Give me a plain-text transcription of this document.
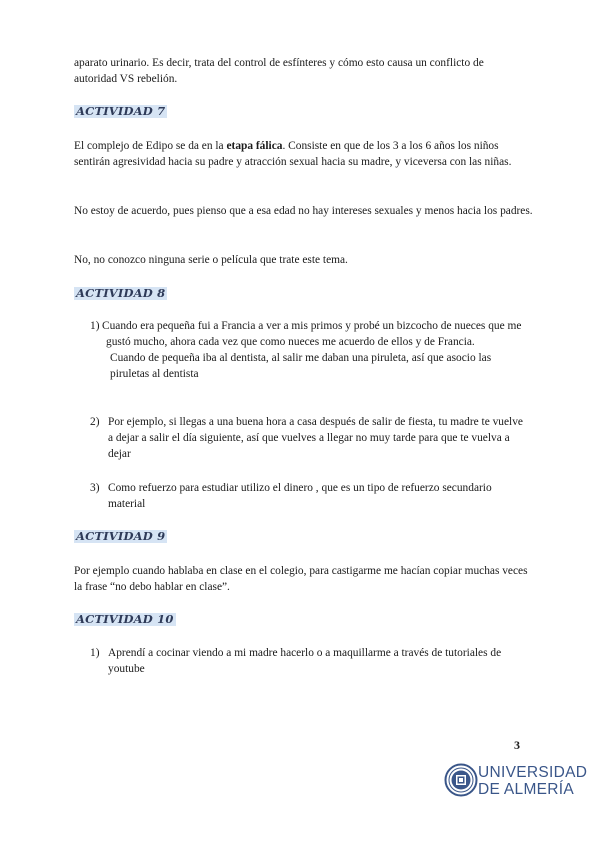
aparato urinario. Es decir, trata del control de esfínteres y cómo esto causa un conflicto de
autoridad VS rebelión.

ACTIVIDAD 7

El complejo de Edipo se da en la etapa fálica. Consiste en que de los 3 a los 6 años los niños sentirán agresividad hacia su padre y atracción sexual hacia su madre, y viceversa con las niñas.

No estoy de acuerdo, pues pienso que a esa edad no hay intereses sexuales y menos hacia los padres.

No, no conozco ninguna serie o película que trate este tema.

ACTIVIDAD 8
1) Cuando era pequeña fui a Francia a ver a mis primos y probé un bizcocho de nueces que me gustó mucho, ahora cada vez que como nueces me acuerdo de ellos y de Francia.
Cuando de pequeña iba al dentista, al salir me daban una piruleta, así que asocio las piruletas al dentista
2) Por ejemplo, si llegas a una buena hora a casa después de salir de fiesta, tu madre te vuelve a dejar a salir el día siguiente, así que vuelves a llegar no muy tarde para que te vuelva a dejar
3) Como refuerzo para estudiar utilizo el dinero , que es un tipo de refuerzo secundario material
ACTIVIDAD 9

Por ejemplo cuando hablaba en clase en el colegio, para castigarme me hacían copiar muchas veces la frase “no debo hablar en clase”.

ACTIVIDAD 10
1) Aprendí a cocinar viendo a mi madre hacerlo o a maquillarme a través de tutoriales de youtube
3
UNIVERSIDAD
DE ALMERÍA
